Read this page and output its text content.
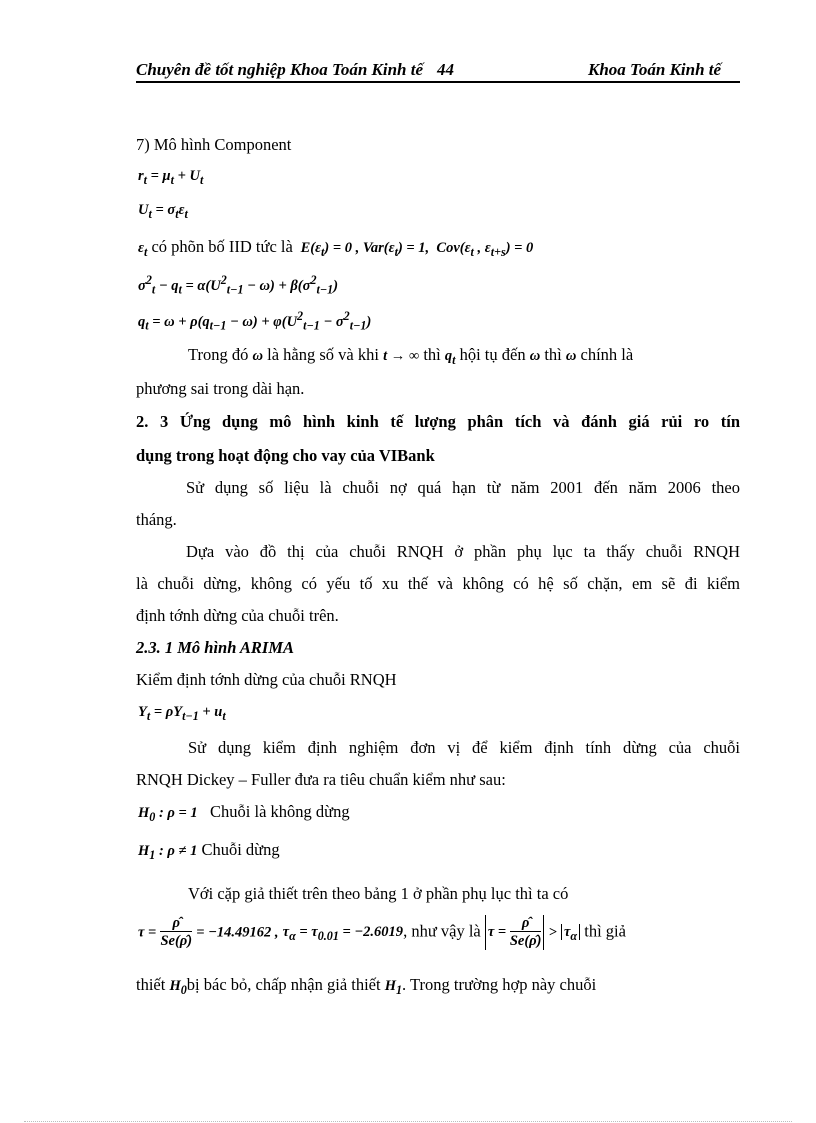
Chuyên đề tốt nghiệp Khoa Toán Kinh tế 44	Khoa Toán Kinh tế
7) Mô hình Component
$r_t = \mu_t + U_t$
$U_t = \sigma_t\varepsilon_t$
$\varepsilon_t$ có phõn bố IID tức là  $E(\varepsilon_t) = 0$ , $Var(\varepsilon_t) = 1$,  $Cov(\varepsilon_t$ , $\varepsilon_{t+s}) = 0$
$\sigma^2_t - q_t = \alpha(U^2_{t-1} - \omega) + \beta(\sigma^2_{t-1})$
$q_t = \omega + \rho(q_{t-1} - \omega) + \varphi(U^2_{t-1} - \sigma^2_{t-1})$
Trong đó ω là hằng số và khi t → ∞ thì $q_t$ hội tụ đến ω thì ω chính là
phương sai trong dài hạn.
2. 3 Ứng dụng mô hình kinh tế lượng phân tích và đánh giá rủi ro tín
dụng trong hoạt động cho vay của VIBank
Sử dụng số liệu là chuỗi nợ quá hạn từ năm 2001 đến năm 2006 theo
tháng.
Dựa vào đồ thị của chuỗi RNQH ở phần phụ lục ta thấy chuỗi RNQH
là chuỗi dừng, không có yếu tố xu thế và không có hệ số chặn, em sẽ đi kiểm
định tớnh dừng của chuỗi trên.
2.3. 1 Mô hình ARIMA
Kiểm định tớnh dừng của chuỗi RNQH
$Y_t = \rho Y_{t-1} + u_t$
Sử dụng kiểm định nghiệm đơn vị để kiểm định tính dừng của chuỗi
RNQH Dickey – Fuller đưa ra tiêu chuẩn kiểm như sau:
$H_0$ : ρ = 1 Chuỗi là không dừng
$H_1$ : ρ ≠ 1 Chuỗi dừng
Với cặp giả thiết trên theo bảng 1 ở phần phụ lục thì ta có
$\tau = \frac{\rhô}{Se(\rhô)} = -14.49162$ , $\tau_\alpha = \tau_{0.01} = -2.6019$, như vậy là $\tau = \frac{\rhô}{Se(\rhô)} > \tau_\alpha$ thì giả
thiết $H_0bị$ bác bỏ, chấp nhận giả thiết $H_1$. Trong trường hợp này chuỗi
